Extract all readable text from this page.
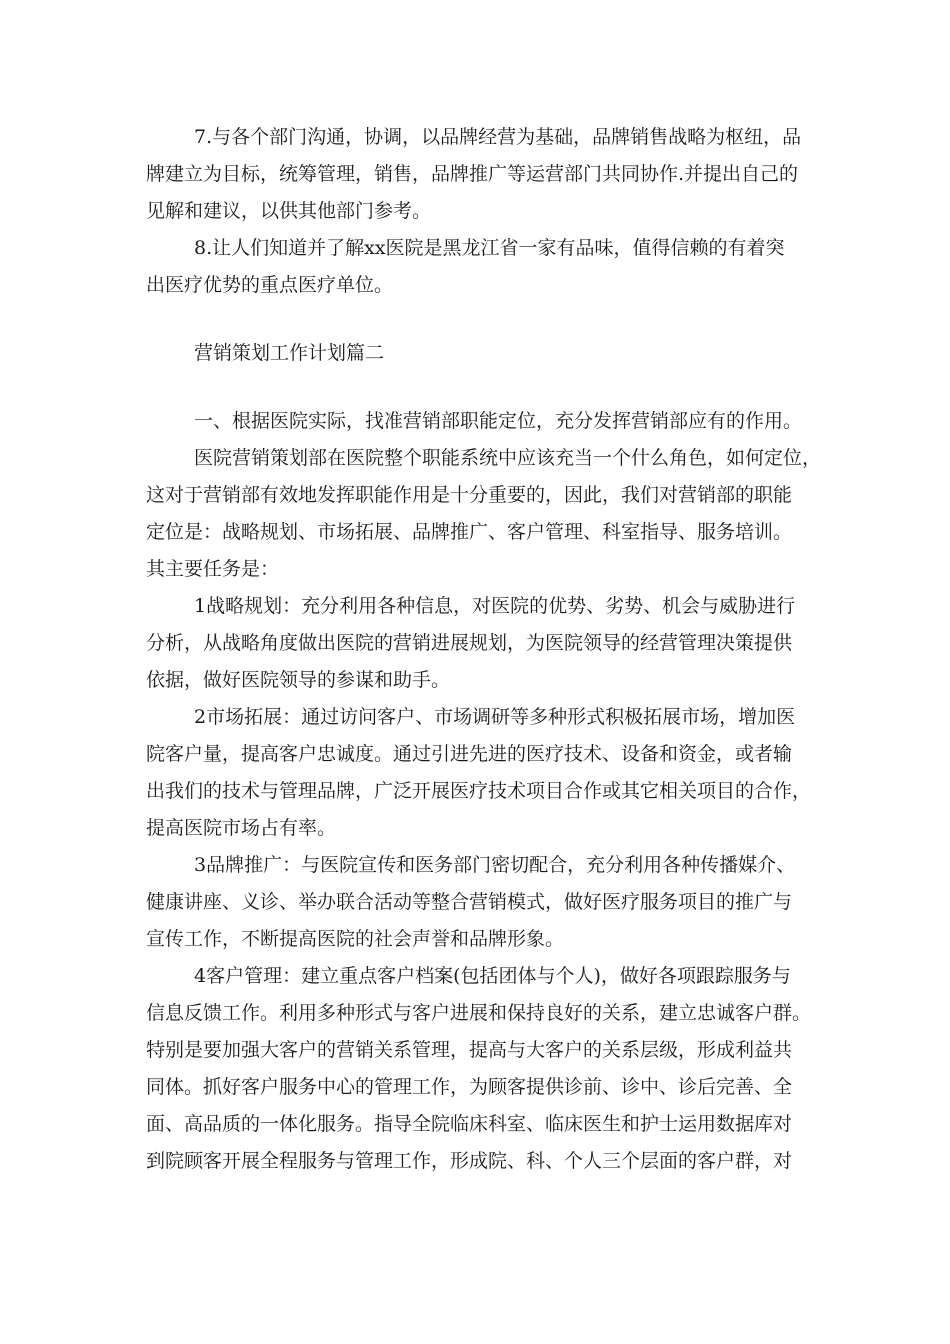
7.与各个部门沟通，协调，以品牌经营为基础，品牌销售战略为枢纽，品
牌建立为目标，统筹管理，销售，品牌推广等运营部门共同协作.并提出自己的
见解和建议，以供其他部门参考。
8.让人们知道并了解xx医院是黑龙江省一家有品味，值得信赖的有着突
出医疗优势的重点医疗单位。
营销策划工作计划篇二
一、根据医院实际，找准营销部职能定位，充分发挥营销部应有的作用。
医院营销策划部在医院整个职能系统中应该充当一个什么角色，如何定位，
这对于营销部有效地发挥职能作用是十分重要的，因此，我们对营销部的职能
定位是：战略规划、市场拓展、品牌推广、客户管理、科室指导、服务培训。
其主要任务是：
1战略规划：充分利用各种信息，对医院的优势、劣势、机会与威胁进行
分析，从战略角度做出医院的营销进展规划，为医院领导的经营管理决策提供
依据，做好医院领导的参谋和助手。
2市场拓展：通过访问客户、市场调研等多种形式积极拓展市场，增加医
院客户量，提高客户忠诚度。通过引进先进的医疗技术、设备和资金，或者输
出我们的技术与管理品牌，广泛开展医疗技术项目合作或其它相关项目的合作，
提高医院市场占有率。
3品牌推广：与医院宣传和医务部门密切配合，充分利用各种传播媒介、
健康讲座、义诊、举办联合活动等整合营销模式，做好医疗服务项目的推广与
宣传工作，不断提高医院的社会声誉和品牌形象。
4客户管理：建立重点客户档案(包括团体与个人)，做好各项跟踪服务与
信息反馈工作。利用多种形式与客户进展和保持良好的关系，建立忠诚客户群。
特别是要加强大客户的营销关系管理，提高与大客户的关系层级，形成利益共
同体。抓好客户服务中心的管理工作，为顾客提供诊前、诊中、诊后完善、全
面、高品质的一体化服务。指导全院临床科室、临床医生和护士运用数据库对
到院顾客开展全程服务与管理工作，形成院、科、个人三个层面的客户群，对
